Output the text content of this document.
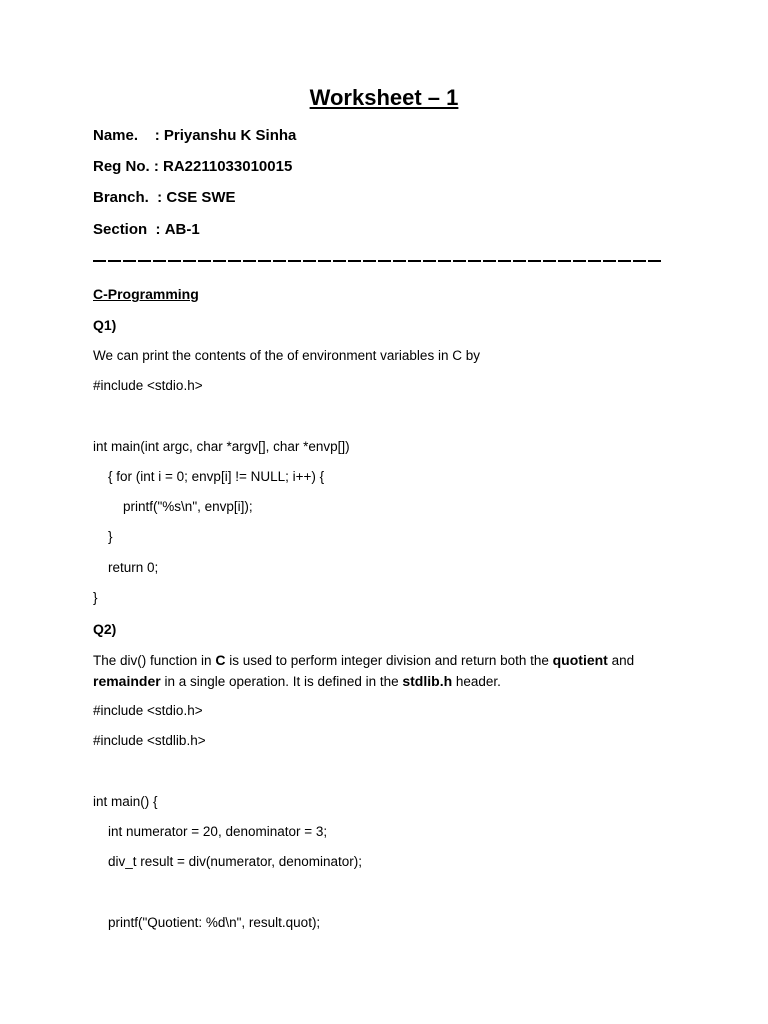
Worksheet – 1
Name.    : Priyanshu K Sinha
Reg No. : RA2211033010015
Branch.  : CSE SWE
Section  : AB-1
C-Programming
Q1)
We can print the contents of the of environment variables in C by
#include <stdio.h>
int main(int argc, char *argv[], char *envp[])
{ for (int i = 0; envp[i] != NULL; i++) {
printf("%s\n", envp[i]);
}
return 0;
}
Q2)
The div() function in C is used to perform integer division and return both the quotient and
remainder in a single operation. It is defined in the stdlib.h header.
#include <stdio.h>
#include <stdlib.h>
int main() {
int numerator = 20, denominator = 3;
div_t result = div(numerator, denominator);
printf("Quotient: %d\n", result.quot);
